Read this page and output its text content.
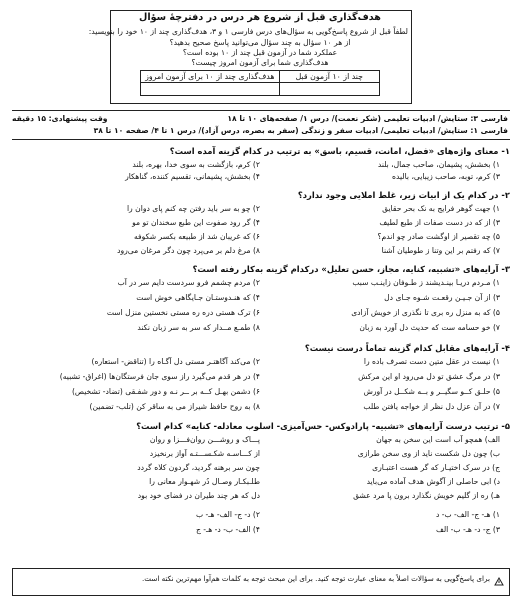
هدف‌گذاری قبل از شروع هر درس در دفترچهٔ سؤال
لطفاً قبل از شروع پاسخ‌گویی به سؤال‌های درس فارسی ۱ و ۳، هدف‌گذاری چند از ۱۰ خود را بنویسید:
از هر ۱۰ سؤال به چند سؤال می‌توانید پاسخ صحیح بدهید؟
عملکرد شما در آزمون قبل چند از ۱۰ بوده است؟
هدف‌گذاری شما برای آزمون امروز چیست؟
چند از ۱۰ آزمون قبل	هدف‌گذاری چند از ۱۰ برای آزمون امروز

فارسی ۳: ستایش/ ادبیات تعلیمی (شکر نعمت)/ درس ۱/ صفحه‌های ۱۰ تا ۱۸
وقت پیشنهادی: ۱۵ دقیقه
فارسی ۱: ستایش/ ادبیات تعلیمی/ ادبیات سفر و زندگی (سفر به بصره، درس آزاد)/ درس ۱ تا ۴/ صفحه ۱۰ تا ۳۸
۱- معنای واژه‌های «فضل، امانت، قسیم، باسق» به ترتیب در کدام گزینه آمده است؟
۱) بخشش، پشیمان، صاحب جمال، بلند
۲) کرم، بازگشت به سوی خدا، بهره، بلند
۳) کرم، توبه، صاحب زیبایی، بالیده
۴) بخشش، پشیمانی، تقسیم کننده، گناهکار
۲- در کدام یک از ابیات زیر، غلط املایی وجود ندارد؟
۱) جهت گوهر فرایج به نک بحر حقایق
۲) چو به سر باید رفتن چه کنم پای دوان را
۳) از که در دست صفات از طبع لطیف
۴) گر رود صفوت این طبع سخندان تو مو
۵) چه تقصیر از اوگشت صادر چو اندم؟
۶) که غریبان شد از طبیعه بکسر شکوفه
۷) که رفتم بر این وتنا ز طوطیان آشنا
۸) مرغ دلم بر می‌پرد چون دگر مرغان می‌رود
۳- آرایه‌های «تشبیه، کنایه، مجاز، حسن تعلیل» درکدام گزینه به‌کار رفته است؟
۱) مـردم دریـا بینـدیشند ز طـوفان زاینـب سبب
۲) مردم چشمم فرو سردست دایم سر در آب
۳) از آن جـیـن رقعـت شـوه جـای دل
۴) که هنـدوستـان جـایگاهی خوش است
۵) که به منزل ره بری تا نگذری از خویش آزادی
۶) ترک هستی دره ره مستی نخستین منزل است
۷) خو حسامه ست که حدیث دل آورد به زبان
۸) طمـع مــدار که سر به سر زبان نکند
۴- آرایه‌های مقابل کدام گزینه تماماً درست نیست؟
۱) نیست در عقل متین دست تصرف باده را
۲) می‌کند آگاهتـر مستی دل آگـاه را (تناقض- استعاره)
۳) در مرگ عشق تو دل می‌رود او این مرکش
۴) در هر قدم می‌گیرد راز سوی جان فرستگان‌ها (اغراق- تشبیه)
۵) حلـق کــو سگیــر و بــه شکــل در آورش
۶) دشمن بهـل کــه بر ــر نـه و دور شفـقی (تضاد- تشخیص)
۷) در آن عزل دل نظر از خواجه یافتن طلب
۸) به روح حافظ شیراز می به ساقر کن (تلب- تضمین)
۵- ترتیب درست آرایه‌های «تشبیه- پارادوکس- حس‌آمیزی- اسلوب معادله- کنایه» کدام است؟
الف) همچو آب است این سخن به جهان
پـــاک و روشـــن روان‌فـــزا و روان
ب) چون دل شکست ناید از وی سخن طرازی
از کـــاسـه شکـســـتـه آواز برنخیزد
ج) در سرک اختیـار که گر هست اعتبـاری
چون سر برهنه گردید، گردون کلاه گردد
د) ابی حاصلی از آگوش هدف آماده می‌باید
طلـبکـار وصـال دُر شهـوار معانی را
هـ) ره از گلیم خویش نگذارد برون پا مرد عشق
دل که هر چند طیران در فضای خود بود
۱) هـ- ج- الف- ب- د
۲) د- ج- الف- هـ- ب
۳) ج- د- هـ- ب- الف
۴) الف- ب- د- هـ- ج
برای پاسخ‌گویی به سؤالات اصلاً به معنای عبارت توجه کنید. برای این مبحث توجه به کلمات هم‌آوا مهم‌ترین نکته است.
